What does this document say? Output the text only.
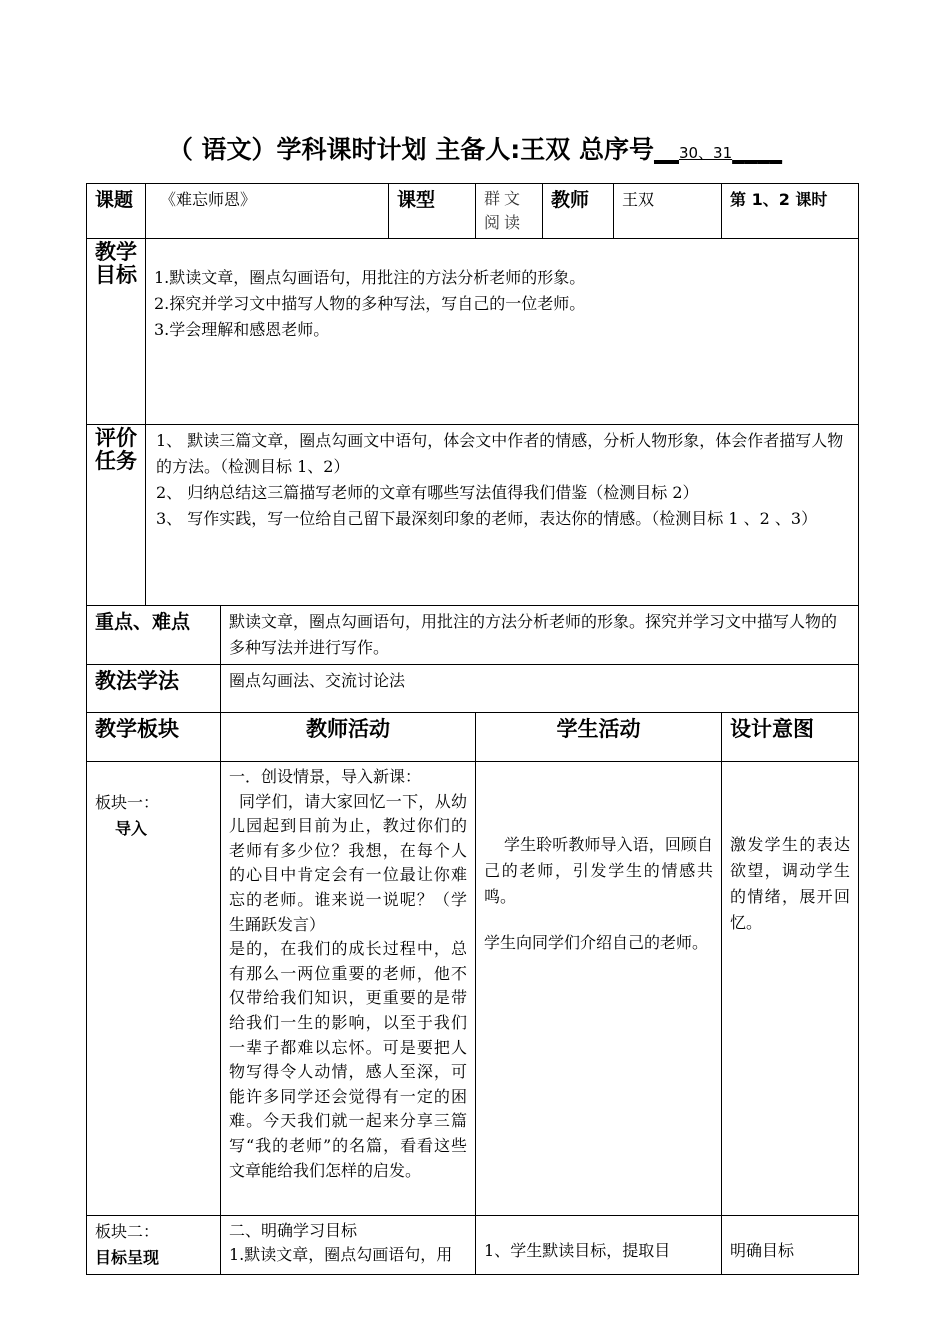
（ 语文）学科课时计划 主备人:王双 总序号__30、31____
课题	《难忘师恩》		课型	群文阅读	教师	王双	第 1、2 课时
教学目标	1.默读文章，圈点勾画语句，用批注的方法分析老师的形象。
2.探究并学习文中描写人物的多种写法，写自己的一位老师。
3.学会理解和感恩老师。						

评价任务	1、 默读三篇文章，圈点勾画文中语句，体会文中作者的情感，分析人物形象，体会作者描写人物的方法。（检测目标 1、2）
2、 归纳总结这三篇描写老师的文章有哪些写法值得我们借鉴（检测目标 2）
3、 写作实践，写一位给自己留下最深刻印象的老师，表达你的情感。（检测目标 1 、2 、3）						

重点、难点		默读文章，圈点勾画语句，用批注的方法分析老师的形象。探究并学习文中描写人物的多种写法并进行写作。					
教法学法		圈点勾画法、交流讨论法					
教学板块		教师活动		学生活动			设计意图

板块一：
导入		一．创设情景，导入新课：
同学们，请大家回忆一下，从幼儿园起到目前为止，教过你们的老师有多少位？我想，在每个人的心目中肯定会有一位最让你难忘的老师。谁来说一说呢？（学生踊跃发言）
是的，在我们的成长过程中，总有那么一两位重要的老师，他不仅带给我们知识，更重要的是带给我们一生的影响，以至于我们一辈子都难以忘怀。可是要把人物写得令人动情，感人至深，可能许多同学还会觉得有一定的困难。今天我们就一起来分享三篇写“我的老师”的名篇，看看这些文章能给我们怎样的启发。		学生聆听教师导入语，回顾自己的老师，引发学生的情感共鸣。
学生向同学们介绍自己的老师。			激发学生的表达欲望，调动学生的情绪，展开回忆。

板块二：
目标呈现		二、明确学习目标
1.默读文章，圈点勾画语句，用		1、学生默读目标，提取目			明确目标
